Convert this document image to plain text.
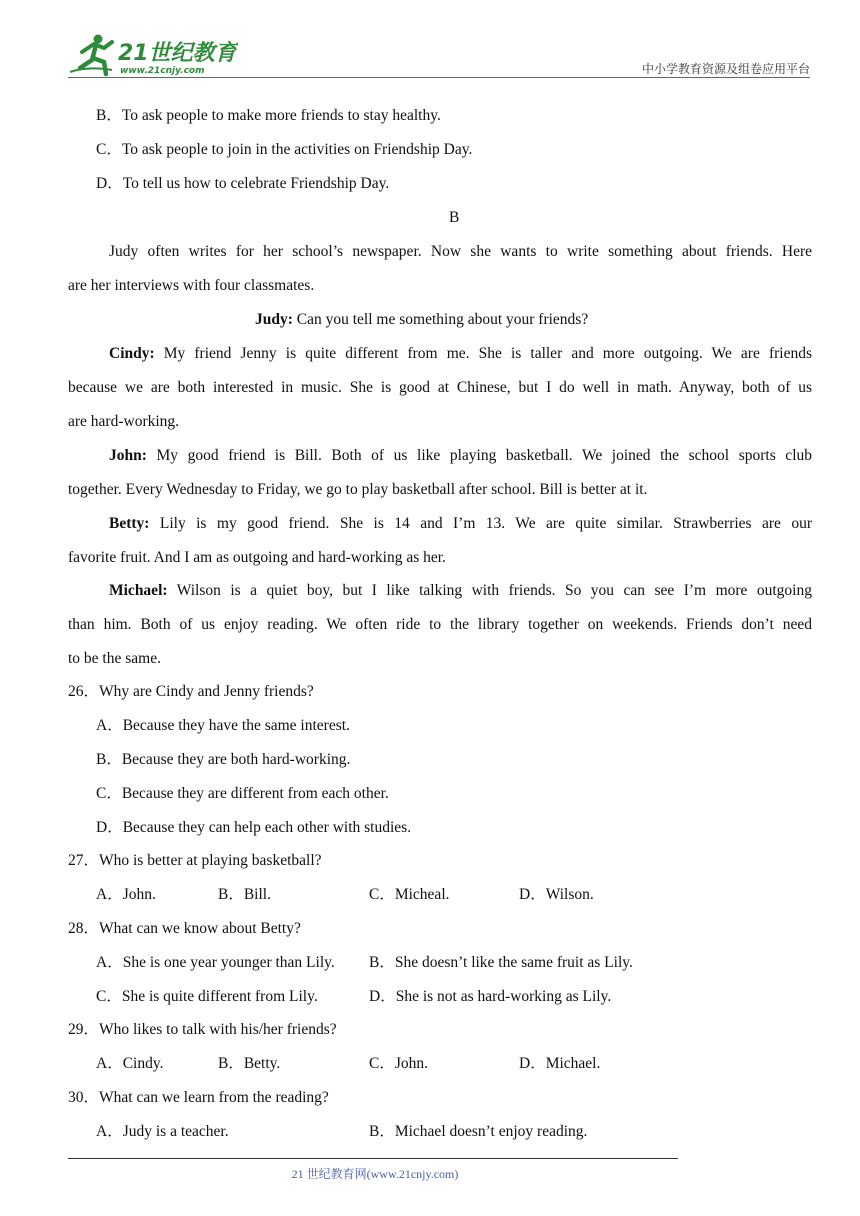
21世纪教育
www.21cnjy.com	中小学教育资源及组卷应用平台
B．To ask people to make more friends to stay healthy.
C．To ask people to join in the activities on Friendship Day.
D．To tell us how to celebrate Friendship Day.
B
Judy often writes for her school’s newspaper. Now she wants to write something about friends. Here
are her interviews with four classmates.
Judy: Can you tell me something about your friends?
Cindy: My friend Jenny is quite different from me. She is taller and more outgoing. We are friends
because we are both interested in music. She is good at Chinese, but I do well in math. Anyway, both of us
are hard-working.
John: My good friend is Bill. Both of us like playing basketball. We joined the school sports club
together. Every Wednesday to Friday, we go to play basketball after school. Bill is better at it.
Betty: Lily is my good friend. She is 14 and I’m 13. We are quite similar. Strawberries are our
favorite fruit. And I am as outgoing and hard-working as her.
Michael: Wilson is a quiet boy, but I like talking with friends. So you can see I’m more outgoing
than him. Both of us enjoy reading. We often ride to the library together on weekends. Friends don’t need
to be the same.
26．Why are Cindy and Jenny friends?
A．Because they have the same interest.
B．Because they are both hard-working.
C．Because they are different from each other.
D．Because they can help each other with studies.
27．Who is better at playing basketball?
A．John.	B．Bill.	C．Micheal.	D．Wilson.
28．What can we know about Betty?
A．She is one year younger than Lily. B．She doesn’t like the same fruit as Lily.
C．She is quite different from Lily.	D．She is not as hard-working as Lily.
29．Who likes to talk with his/her friends?
A．Cindy.	B．Betty.	C．John.	D．Michael.
30．What can we learn from the reading?
A．Judy is a teacher.	B．Michael doesn’t enjoy reading.
21 世纪教育网(www.21cnjy.com)
